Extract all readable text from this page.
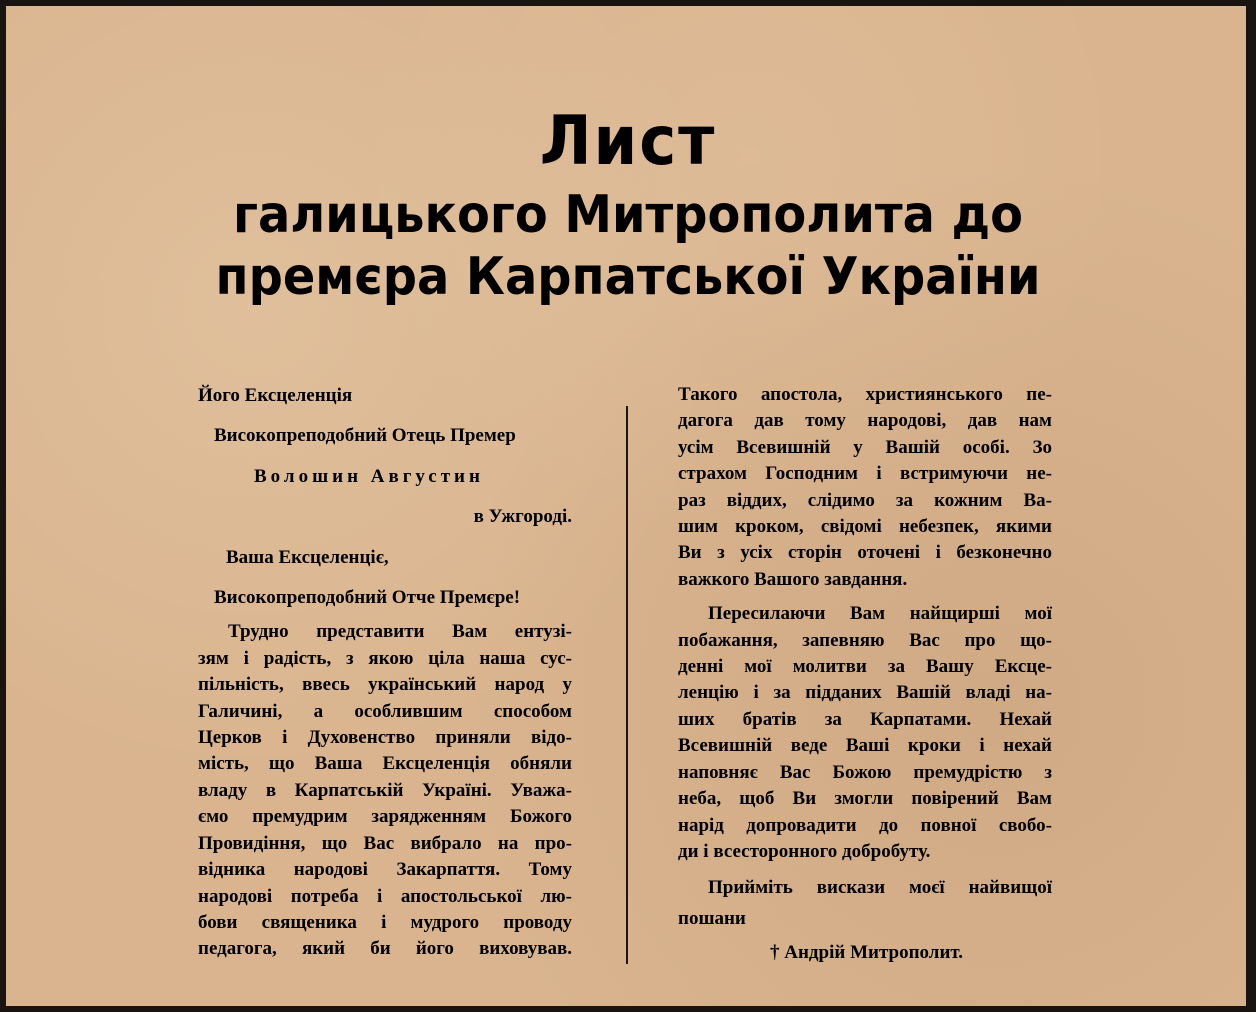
Лист
галицького Митрополита до
премєра Карпатської України
Його Ексцеленція
Високопреподобний Отець Премер
Волошин Августин
в Ужгороді.
Ваша Ексцеленціє,
Високопреподобний Отче Премєре!
Трудно представити Вам ентузі-
зям і радість, з якою ціла наша сус-
пільність, ввесь український народ у
Галичині, а особлившим способом
Церков і Духовенство приняли відо-
мість, що Ваша Ексцеленція обняли
владу в Карпатській Україні. Уважа-
ємо премудрим зарядженням Божого
Провидіння, що Вас вибрало на про-
відника народові Закарпаття. Тому
народові потреба і апостольської лю-
бови священика і мудрого проводу
педагога, який би його виховував.
Такого апостола, християнського пе-
дагога дав тому народові, дав нам
усім Всевишній у Вашій особі. Зо
страхом Господним і встримуючи не-
раз віддих, слідимо за кожним Ва-
шим кроком, свідомі небезпек, якими
Ви з усіх сторін оточені і безконечно
важкого Вашого завдання.
Пересилаючи Вам найщирші мої
побажання, запевняю Вас про що-
денні мої молитви за Вашу Ексце-
ленцію і за підданих Вашій владі на-
ших братів за Карпатами. Нехай
Всевишній веде Ваші кроки і нехай
наповняє Вас Божою премудрістю з
неба, щоб Ви змогли повірений Вам
нарід допровадити до повної свобо-
ди і всесторонного добробуту.
Прийміть вискази моєї найвищої
пошани
† Андрій Митрополит.
